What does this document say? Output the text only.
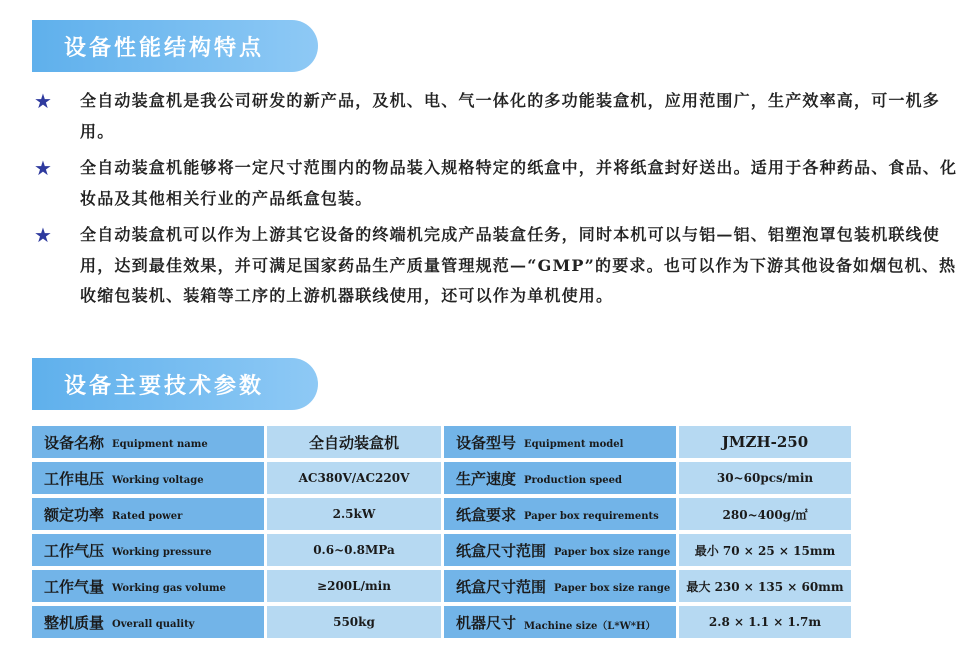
设备性能结构特点
★	全自动装盒机是我公司研发的新产品，及机、电、气一体化的多功能装盒机，应用范围广，生产效率高，可一机多用。
★	全自动装盒机能够将一定尺寸范围内的物品装入规格特定的纸盒中，并将纸盒封好送出。适用于各种药品、食品、化妆品及其他相关行业的产品纸盒包装。
★	全自动装盒机可以作为上游其它设备的终端机完成产品装盒任务，同时本机可以与铝—铝、铝塑泡罩包装机联线使用，达到最佳效果，并可满足国家药品生产质量管理规范—“GMP”的要求。也可以作为下游其他设备如烟包机、热收缩包装机、装箱等工序的上游机器联线使用，还可以作为单机使用。
设备主要技术参数
设备名称 Equipment name	全自动装盒机	设备型号 Equipment model	JMZH-250
工作电压 Working voltage	AC380V/AC220V	生产速度 Production speed	30~60pcs/min
额定功率 Rated power	2.5kW	纸盒要求 Paper box requirements	280~400g/㎡
工作气压 Working pressure	0.6~0.8MPa	纸盒尺寸范围 Paper box size range 最小 70 × 25 × 15mm
工作气量 Working gas volume	≥200L/min	纸盒尺寸范围 Paper box size range 最大 230 × 135 × 60mm
整机质量 Overall quality	550kg	机器尺寸 Machine size（L*W*H）	2.8 × 1.1 × 1.7m
